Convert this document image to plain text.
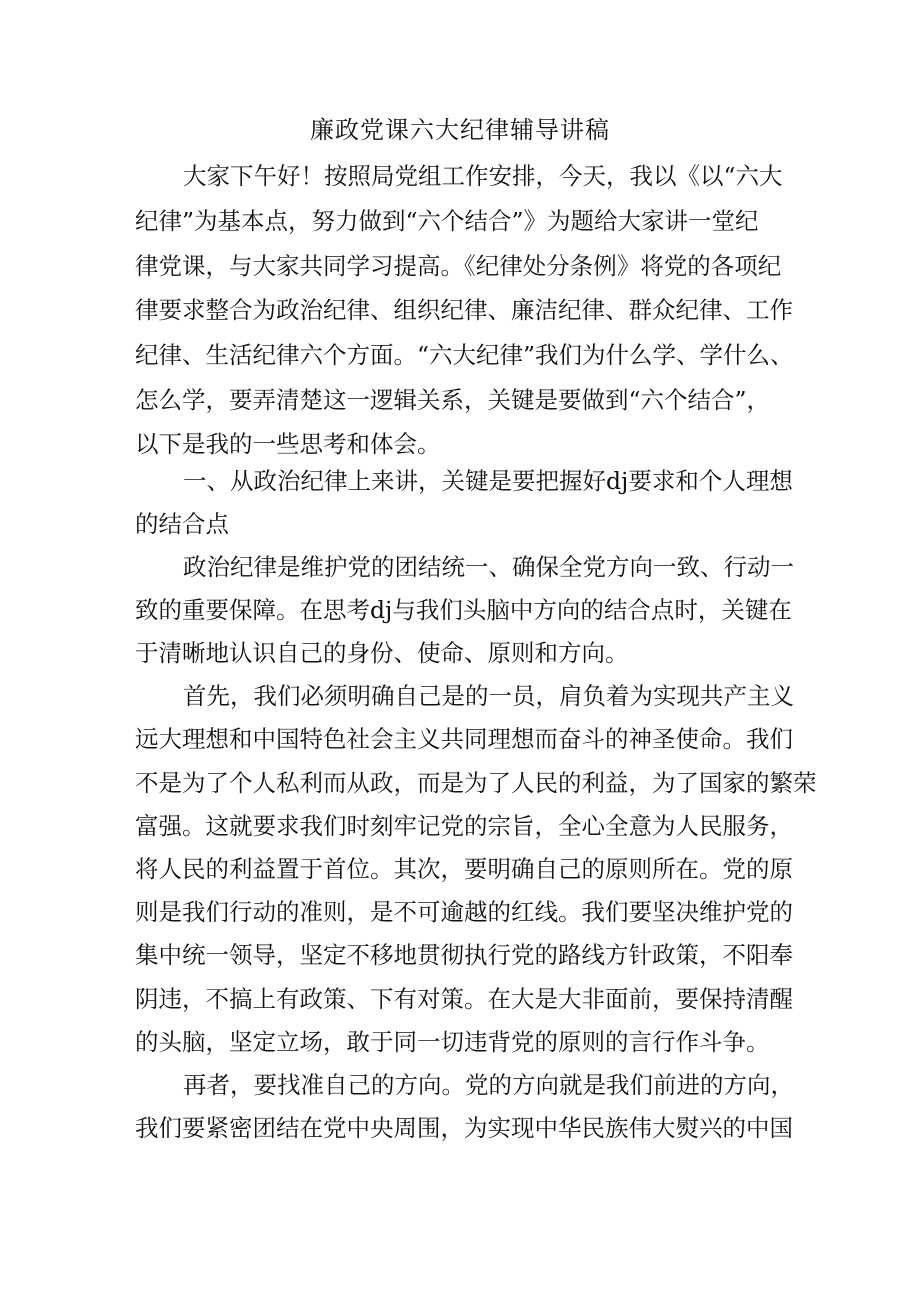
廉政党课六大纪律辅导讲稿
大家下午好！按照局党组工作安排，今天，我以《以“六大
纪律”为基本点，努力做到“六个结合”》为题给大家讲一堂纪
律党课，与大家共同学习提高。《纪律处分条例》将党的各项纪
律要求整合为政治纪律、组织纪律、廉洁纪律、群众纪律、工作
纪律、生活纪律六个方面。“六大纪律”我们为什么学、学什么、
怎么学，要弄清楚这一逻辑关系，关键是要做到“六个结合”，
以下是我的一些思考和体会。
一、从政治纪律上来讲，关键是要把握好dj要求和个人理想
的结合点
政治纪律是维护党的团结统一、确保全党方向一致、行动一
致的重要保障。在思考dj与我们头脑中方向的结合点时，关键在
于清晰地认识自己的身份、使命、原则和方向。
首先，我们必须明确自己是的一员，肩负着为实现共产主义
远大理想和中国特色社会主义共同理想而奋斗的神圣使命。我们
不是为了个人私利而从政，而是为了人民的利益，为了国家的繁荣
富强。这就要求我们时刻牢记党的宗旨，全心全意为人民服务，
将人民的利益置于首位。其次，要明确自己的原则所在。党的原
则是我们行动的准则，是不可逾越的红线。我们要坚决维护党的
集中统一领导，坚定不移地贯彻执行党的路线方针政策，不阳奉
阴违，不搞上有政策、下有对策。在大是大非面前，要保持清醒
的头脑，坚定立场，敢于同一切违背党的原则的言行作斗争。
再者，要找准自己的方向。党的方向就是我们前进的方向，
我们要紧密团结在党中央周围，为实现中华民族伟大熨兴的中国
